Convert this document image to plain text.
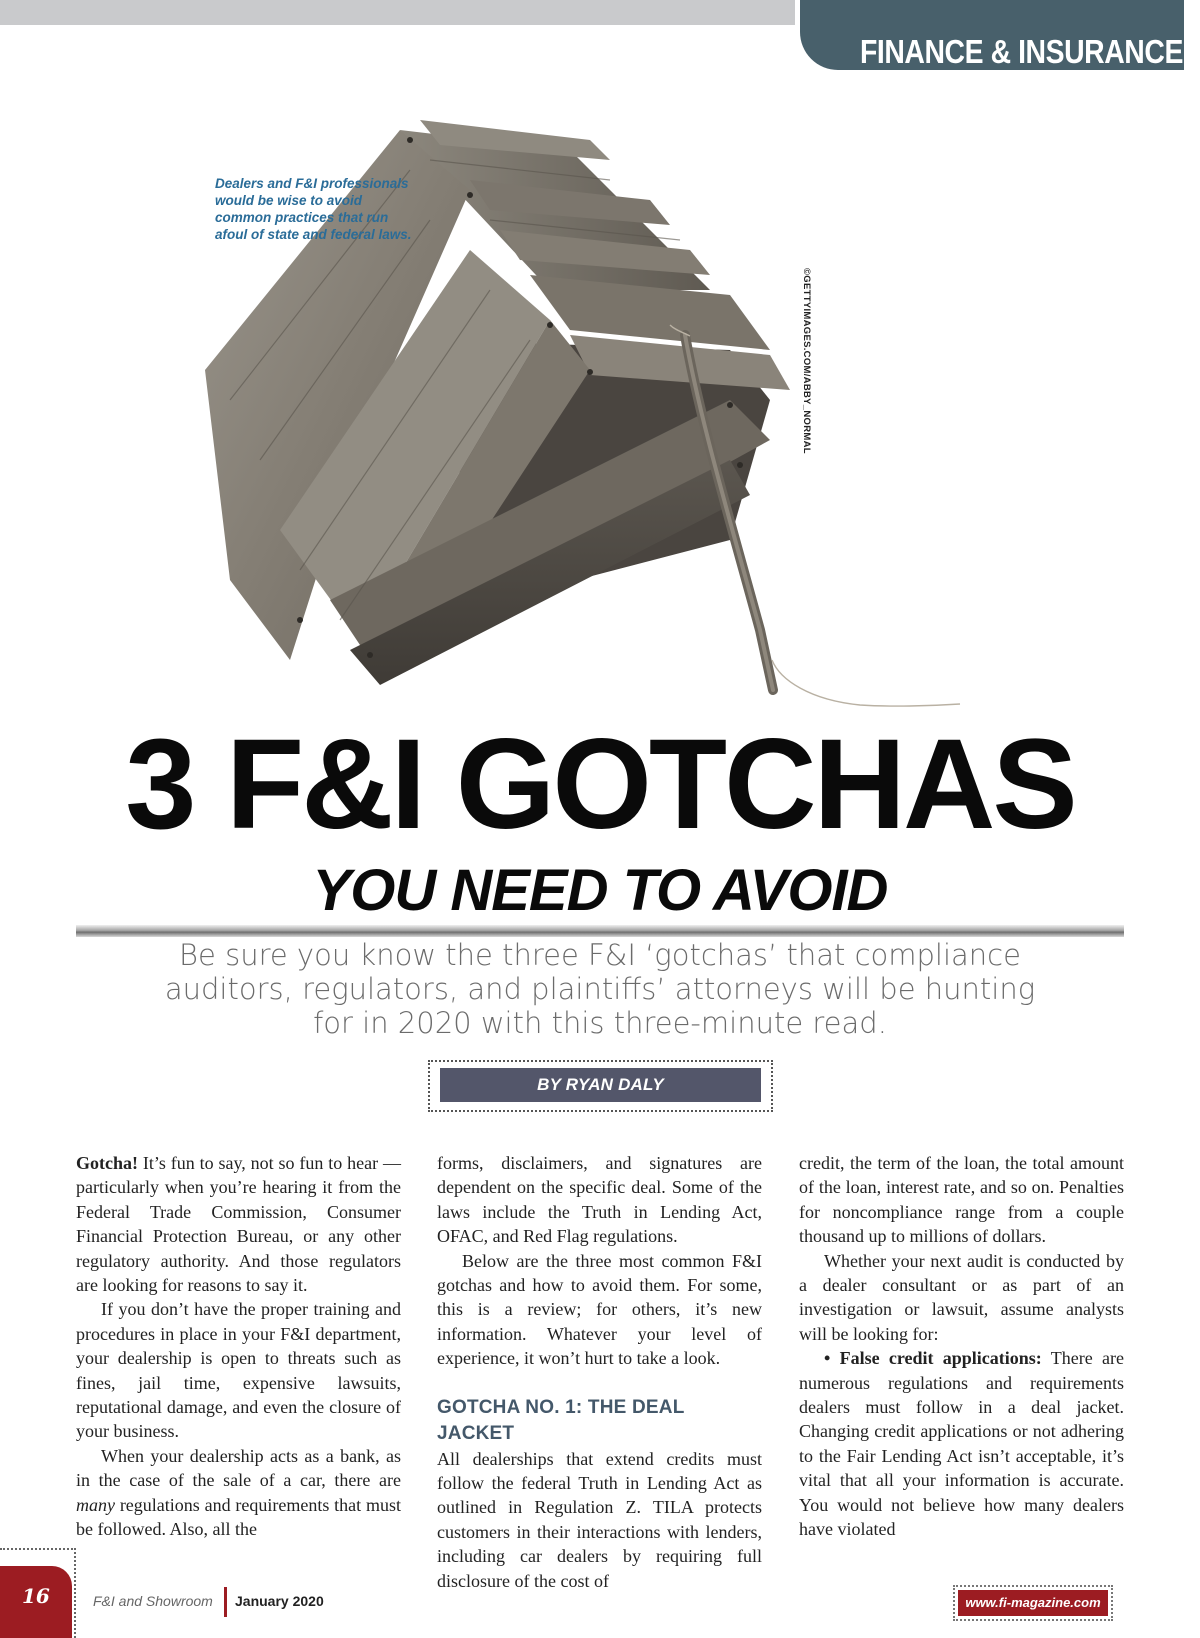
FINANCE & INSURANCE
Dealers and F&I professionals would be wise to avoid common practices that run afoul of state and federal laws.
©GETTYIMAGES.COM/ABBY_NORMAL
3 F&I GOTCHAS
YOU NEED TO AVOID

Be sure you know the three F&I ‘gotchas’ that compliance auditors, regulators, and plaintiffs’ attorneys will be hunting for in 2020 with this three-minute read.

BY RYAN DALY

Gotcha! It’s fun to say, not so fun to hear — particularly when you’re hearing it from the Federal Trade Commission, Consumer Financial Protection Bureau, or any other regulatory authority. And those regulators are looking for reasons to say it.

If you don’t have the proper training and procedures in place in your F&I department, your dealership is open to threats such as fines, jail time, expensive lawsuits, reputational damage, and even the closure of your business.

When your dealership acts as a bank, as in the case of the sale of a car, there are many regulations and requirements that must be followed. Also, all the

forms, disclaimers, and signatures are dependent on the specific deal. Some of the laws include the Truth in Lending Act, OFAC, and Red Flag regulations.

Below are the three most common F&I gotchas and how to avoid them. For some, this is a review; for others, it’s new information. Whatever your level of experience, it won’t hurt to take a look.

GOTCHA NO. 1: THE DEAL JACKET

All dealerships that extend credits must follow the federal Truth in Lending Act as outlined in Regulation Z. TILA protects customers in their interactions with lenders, including car dealers by requiring full disclosure of the cost of

credit, the term of the loan, the total amount of the loan, interest rate, and so on. Penalties for noncompliance range from a couple thousand up to millions of dollars.

Whether your next audit is conducted by a dealer consultant or as part of an investigation or lawsuit, assume analysts will be looking for:

• False credit applications: There are numerous regulations and requirements dealers must follow in a deal jacket. Changing credit applications or not adhering to the Fair Lending Act isn’t acceptable, it’s vital that all your information is accurate. You would not believe how many dealers have violated

16	F&I and Showroom January 2020	www.fi-magazine.com
